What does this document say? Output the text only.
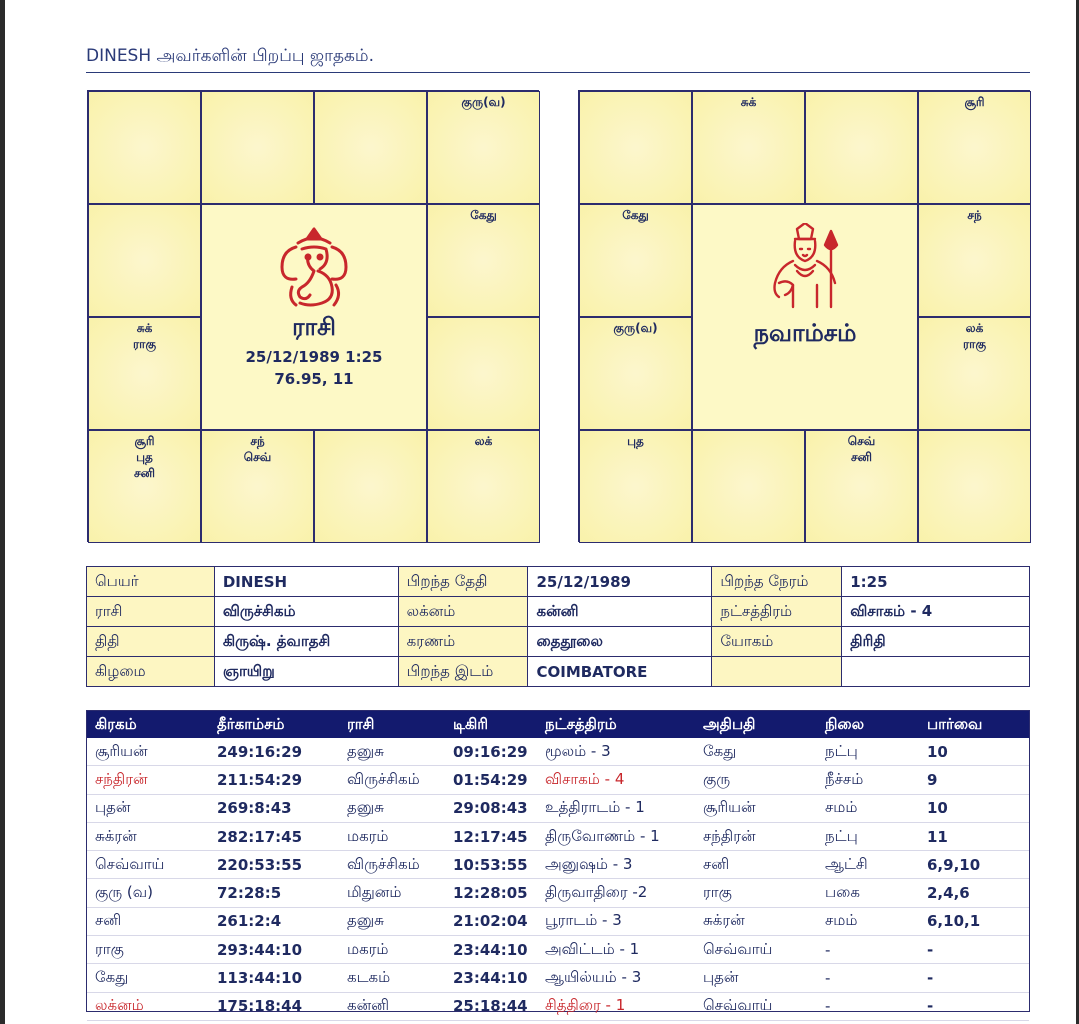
DINESH அவர்களின் பிறப்பு ஜாதகம்.
லக்
சந்
செவ்
சூரி
புத
சனி
சுக்
ராகு
கேது
குரு(வ)
ராசி
25/12/1989 1:25
76.95, 11
செவ்
சனி
புத
லக்
ராகு
குரு(வ)
சந்
கேது
சூரி
சுக்
நவாம்சம்
பெயர்	DINESH	பிறந்த தேதி	25/12/1989	பிறந்த நேரம்	1:25
ராசி	விருச்சிகம்	லக்னம்	கன்னி	நட்சத்திரம்	விசாகம் - 4
திதி	கிருஷ். த்வாதசி	கரணம்	தைதூலை	யோகம்	திரிதி
கிழமை	ஞாயிறு	பிறந்த இடம்	COIMBATORE		
கிரகம்	தீர்காம்சம்	ராசி	டிகிரி	நட்சத்திரம்	அதிபதி	நிலை	பார்வை
சூரியன்	249:16:29	தனுசு	09:16:29	மூலம் - 3	கேது	நட்பு	10
சந்திரன்	211:54:29	விருச்சிகம்	01:54:29	விசாகம் - 4	குரு	நீச்சம்	9
புதன்	269:8:43	தனுசு	29:08:43	உத்திராடம் - 1	சூரியன்	சமம்	10
சுக்ரன்	282:17:45	மகரம்	12:17:45	திருவோணம் - 1	சந்திரன்	நட்பு	11
செவ்வாய்	220:53:55	விருச்சிகம்	10:53:55	அனுஷம் - 3	சனி	ஆட்சி	6,9,10
குரு (வ)	72:28:5	மிதுனம்	12:28:05	திருவாதிரை -2	ராகு	பகை	2,4,6
சனி	261:2:4	தனுசு	21:02:04	பூராடம் - 3	சுக்ரன்	சமம்	6,10,1
ராகு	293:44:10	மகரம்	23:44:10	அவிட்டம் - 1	செவ்வாய்	-	-
கேது	113:44:10	கடகம்	23:44:10	ஆயில்யம் - 3	புதன்	-	-
லக்னம்	175:18:44	கன்னி	25:18:44	சித்திரை - 1	செவ்வாய்	-	-
